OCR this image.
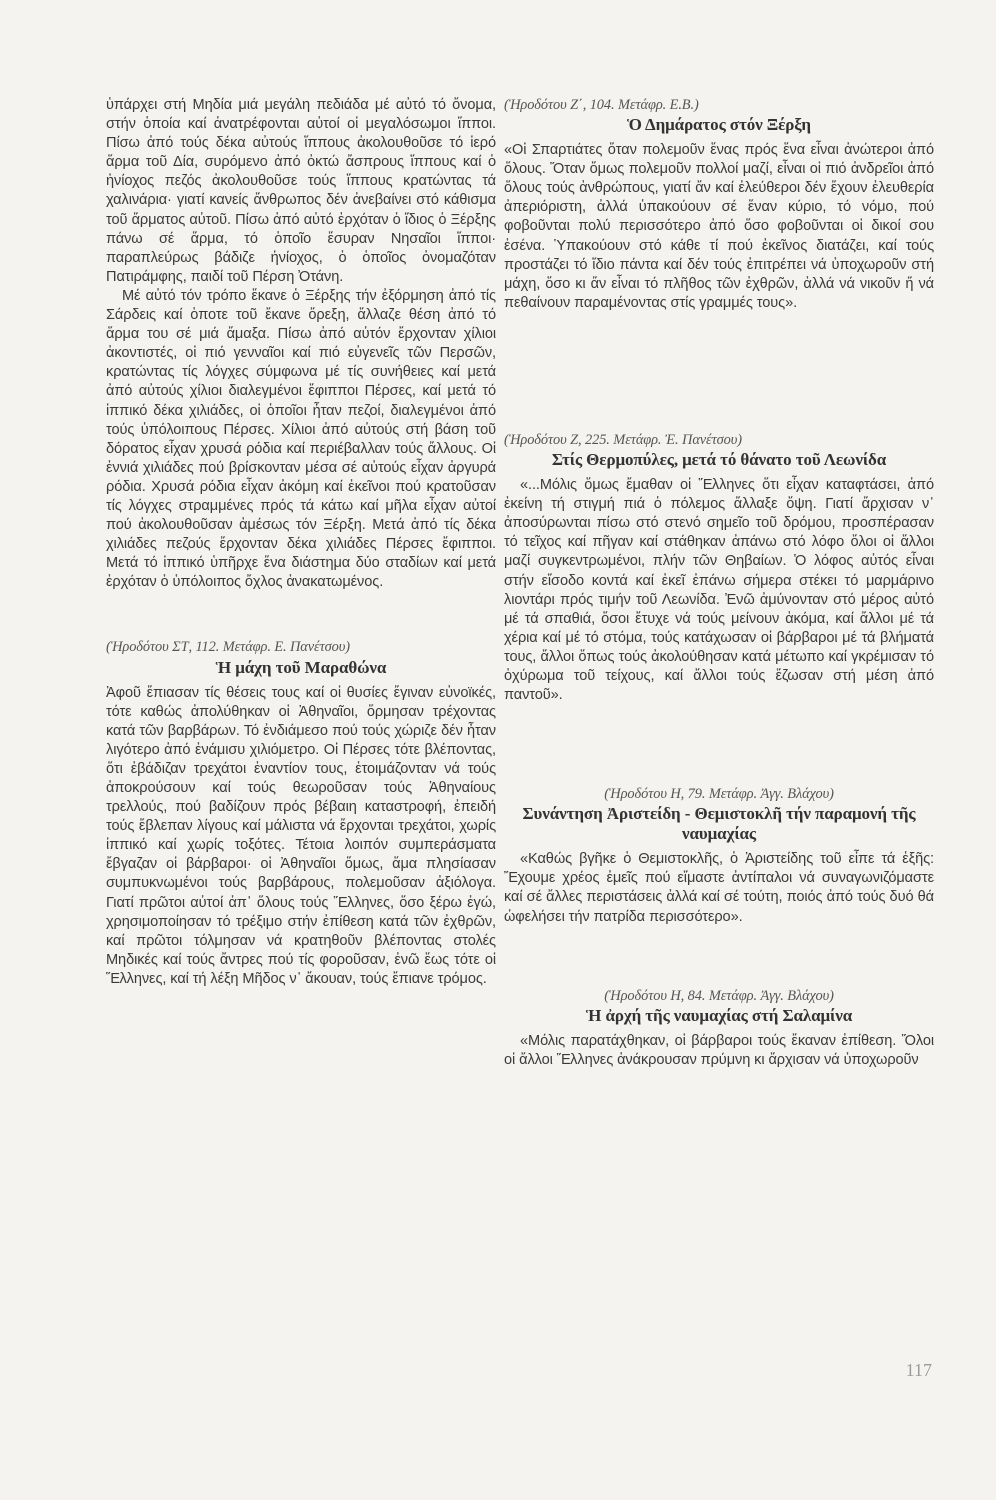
ὑπάρχει στή Μηδία μιά μεγάλη πεδιάδα μέ αὐτό τό ὄνομα, στήν ὁποία καί ἀνατρέφονται αὐτοί οἱ μεγαλόσωμοι ἵπποι. Πίσω ἀπό τούς δέκα αὐτούς ἵππους ἀκολουθοῦσε τό ἱερό ἅρμα τοῦ Δία, συρόμενο ἀπό ὀκτώ ἄσπρους ἵππους καί ὁ ἡνίοχος πεζός ἀκολουθοῦσε τούς ἵππους κρατώντας τά χαλινάρια· γιατί κανείς ἄνθρωπος δέν ἀνεβαίνει στό κάθισμα τοῦ ἅρματος αὐτοῦ. Πίσω ἀπό αὐτό ἐρχόταν ὁ ἴδιος ὁ Ξέρξης πάνω σέ ἅρμα, τό ὁποῖο ἔσυραν Νησαῖοι ἵπποι· παραπλεύρως βάδιζε ἡνίοχος, ὁ ὁποῖος ὀνομαζόταν Πατιράμφης, παιδί τοῦ Πέρση Ὀτάνη.

Μέ αὐτό τόν τρόπο ἔκανε ὁ Ξέρξης τήν ἐξόρμηση ἀπό τίς Σάρδεις καί ὁποτε τοῦ ἔκανε ὄρεξη, ἄλλαζε θέση ἀπό τό ἅρμα του σέ μιά ἅμαξα. Πίσω ἀπό αὐτόν ἔρχονταν χίλιοι ἀκοντιστές, οἱ πιό γενναῖοι καί πιό εὐγενεῖς τῶν Περσῶν, κρατώντας τίς λόγχες σύμφωνα μέ τίς συνήθειες καί μετά ἀπό αὐτούς χίλιοι διαλεγμένοι ἔφιπποι Πέρσες, καί μετά τό ἱππικό δέκα χιλιάδες, οἱ ὁποῖοι ἦταν πεζοί, διαλεγμένοι ἀπό τούς ὑπόλοιπους Πέρσες. Χίλιοι ἀπό αὐτούς στή βάση τοῦ δόρατος εἶχαν χρυσά ρόδια καί περιέβαλλαν τούς ἄλλους. Οἱ ἐννιά χιλιάδες πού βρίσκονταν μέσα σέ αὐτούς εἶχαν ἀργυρά ρόδια. Χρυσά ρόδια εἶχαν ἀκόμη καί ἐκεῖνοι πού κρατοῦσαν τίς λόγχες στραμμένες πρός τά κάτω καί μῆλα εἶχαν αὐτοί πού ἀκολουθοῦσαν ἀμέσως τόν Ξέρξη. Μετά ἀπό τίς δέκα χιλιάδες πεζούς ἔρχονταν δέκα χιλιάδες Πέρσες ἔφιπποι. Μετά τό ἱππικό ὑπῆρχε ἕνα διάστημα δύο σταδίων καί μετά ἐρχόταν ὁ ὑπόλοιπος ὄχλος ἀνακατωμένος.

(Ἡροδότου ΣΤ, 112. Μετάφρ. Ε. Πανέτσου)

Ἡ μάχη τοῦ Μαραθώνα

Ἀφοῦ ἔπιασαν τίς θέσεις τους καί οἱ θυσίες ἔγιναν εὐνοϊκές, τότε καθώς ἀπολύθηκαν οἱ Ἀθηναῖοι, ὅρμησαν τρέχοντας κατά τῶν βαρβάρων. Τό ἐνδιάμεσο πού τούς χώριζε δέν ἦταν λιγότερο ἀπό ἑνάμισυ χιλιόμετρο. Οἱ Πέρσες τότε βλέποντας, ὅτι ἐβάδιζαν τρεχάτοι ἐναντίον τους, ἑτοιμάζονταν νά τούς ἀποκρούσουν καί τούς θεωροῦσαν τούς Ἀθηναίους τρελλούς, πού βαδίζουν πρός βέβαιη καταστροφή, ἐπειδή τούς ἔβλεπαν λίγους καί μάλιστα νά ἔρχονται τρεχάτοι, χωρίς ἱππικό καί χωρίς τοξότες. Τέτοια λοιπόν συμπεράσματα ἔβγαζαν οἱ βάρβαροι· οἱ Ἀθηναῖοι ὅμως, ἅμα πλησίασαν συμπυκνωμένοι τούς βαρβάρους, πολεμοῦσαν ἀξιόλογα. Γιατί πρῶτοι αὐτοί ἀπ᾽ ὅλους τούς Ἕλληνες, ὅσο ξέρω ἐγώ, χρησιμοποίησαν τό τρέξιμο στήν ἐπίθεση κατά τῶν ἐχθρῶν, καί πρῶτοι τόλμησαν νά κρατηθοῦν βλέποντας στολές Μηδικές καί τούς ἄντρες πού τίς φοροῦσαν, ἐνῶ ἕως τότε οἱ Ἕλληνες, καί τή λέξη Μῆδος ν᾽ ἄκουαν, τούς ἔπιανε τρόμος.

(Ἡροδότου Ζ΄, 104. Μετάφρ. Ε.Β.)

Ὁ Δημάρατος στόν Ξέρξη

«Οἱ Σπαρτιάτες ὅταν πολεμοῦν ἕνας πρός ἕνα εἶναι ἀνώτεροι ἀπό ὅλους. Ὅταν ὅμως πολεμοῦν πολλοί μαζί, εἶναι οἱ πιό ἀνδρεῖοι ἀπό ὅλους τούς ἀνθρώπους, γιατί ἄν καί ἐλεύθεροι δέν ἔχουν ἐλευθερία ἀπεριόριστη, ἀλλά ὑπακούουν σέ ἕναν κύριο, τό νόμο, πού φοβοῦνται πολύ περισσότερο ἀπό ὅσο φοβοῦνται οἱ δικοί σου ἐσένα. Ὑπακούουν στό κάθε τί πού ἐκεῖνος διατάζει, καί τούς προστάζει τό ἴδιο πάντα καί δέν τούς ἐπιτρέπει νά ὑποχωροῦν στή μάχη, ὅσο κι ἄν εἶναι τό πλῆθος τῶν ἐχθρῶν, ἀλλά νά νικοῦν ἤ νά πεθαίνουν παραμένοντας στίς γραμμές τους».

(Ἡροδότου Ζ, 225. Μετάφρ. Ἐ. Πανέτσου)

Στίς Θερμοπύλες, μετά τό θάνατο τοῦ Λεωνίδα

«...Μόλις ὅμως ἔμαθαν οἱ Ἕλληνες ὅτι εἶχαν καταφτάσει, ἀπό ἐκείνη τή στιγμή πιά ὁ πόλεμος ἄλλαξε ὄψη. Γιατί ἄρχισαν ν᾽ ἀποσύρωνται πίσω στό στενό σημεῖο τοῦ δρόμου, προσπέρασαν τό τεῖχος καί πῆγαν καί στάθηκαν ἀπάνω στό λόφο ὅλοι οἱ ἄλλοι μαζί συγκεντρωμένοι, πλήν τῶν Θηβαίων. Ὁ λόφος αὐτός εἶναι στήν εἴσοδο κοντά καί ἐκεῖ ἐπάνω σήμερα στέκει τό μαρμάρινο λιοντάρι πρός τιμήν τοῦ Λεωνίδα. Ἐνῶ ἀμύνονταν στό μέρος αὐτό μέ τά σπαθιά, ὅσοι ἔτυχε νά τούς μείνουν ἀκόμα, καί ἄλλοι μέ τά χέρια καί μέ τό στόμα, τούς κατάχωσαν οἱ βάρβαροι μέ τά βλήματά τους, ἄλλοι ὅπως τούς ἀκολούθησαν κατά μέτωπο καί γκρέμισαν τό ὀχύρωμα τοῦ τείχους, καί ἄλλοι τούς ἔζωσαν στή μέση ἀπό παντοῦ».

(Ἡροδότου Η, 79. Μετάφρ. Ἀγγ. Βλάχου)

Συνάντηση Ἀριστείδη - Θεμιστοκλῆ τήν παραμονή τῆς ναυμαχίας

«Καθώς βγῆκε ὁ Θεμιστοκλῆς, ὁ Ἀριστείδης τοῦ εἶπε τά ἑξῆς: Ἔχουμε χρέος ἐμεῖς πού εἴμαστε ἀντίπαλοι νά συναγωνιζόμαστε καί σέ ἄλλες περιστάσεις ἀλλά καί σέ τούτη, ποιός ἀπό τούς δυό θά ὠφελήσει τήν πατρίδα περισσότερο».

(Ἡροδότου Η, 84. Μετάφρ. Ἀγγ. Βλάχου)

Ἡ ἀρχή τῆς ναυμαχίας στή Σαλαμίνα

«Μόλις παρατάχθηκαν, οἱ βάρβαροι τούς ἔκαναν ἐπίθεση. Ὅλοι οἱ ἄλλοι Ἕλληνες ἀνάκρουσαν πρύμνη κι ἄρχισαν νά ὑποχωροῦν

117
